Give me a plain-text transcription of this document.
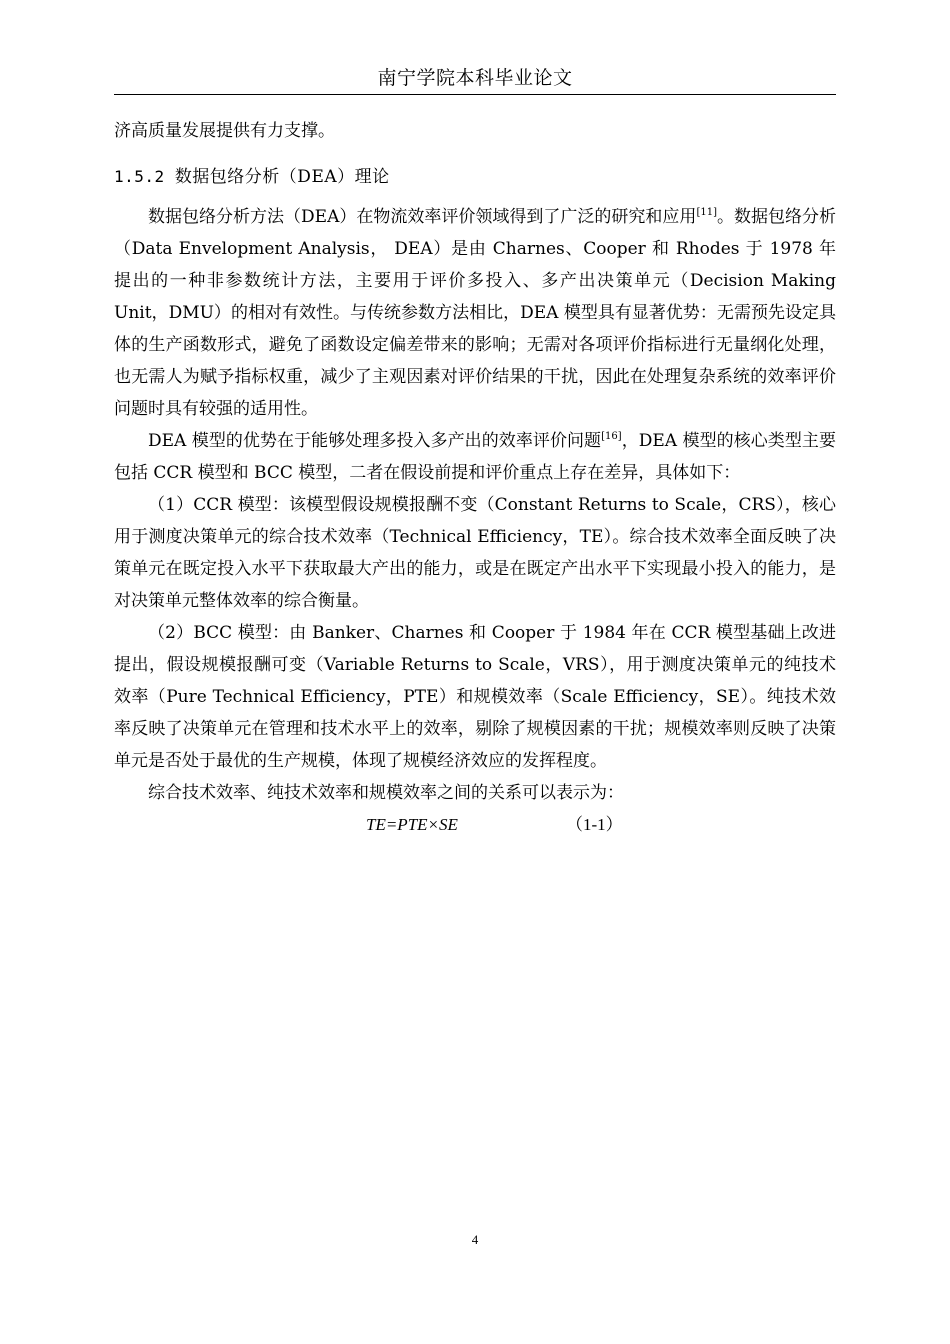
南宁学院本科毕业论文

济高质量发展提供有力支撑。

1.5.2 数据包络分析（DEA）理论

数据包络分析方法（DEA）在物流效率评价领域得到了广泛的研究和应用[11]。数据包络分析（Data Envelopment Analysis， DEA）是由 Charnes、Cooper 和 Rhodes 于 1978 年提出的一种非参数统计方法，主要用于评价多投入、多产出决策单元（Decision Making Unit，DMU）的相对有效性。与传统参数方法相比，DEA 模型具有显著优势：无需预先设定具体的生产函数形式，避免了函数设定偏差带来的影响；无需对各项评价指标进行无量纲化处理，也无需人为赋予指标权重，减少了主观因素对评价结果的干扰，因此在处理复杂系统的效率评价问题时具有较强的适用性。

DEA 模型的优势在于能够处理多投入多产出的效率评价问题[16]，DEA 模型的核心类型主要包括 CCR 模型和 BCC 模型，二者在假设前提和评价重点上存在差异，具体如下：

（1）CCR 模型：该模型假设规模报酬不变（Constant Returns to Scale，CRS），核心用于测度决策单元的综合技术效率（Technical Efficiency，TE）。综合技术效率全面反映了决策单元在既定投入水平下获取最大产出的能力，或是在既定产出水平下实现最小投入的能力，是对决策单元整体效率的综合衡量。

（2）BCC 模型：由 Banker、Charnes 和 Cooper 于 1984 年在 CCR 模型基础上改进提出，假设规模报酬可变（Variable Returns to Scale，VRS），用于测度决策单元的纯技术效率（Pure Technical Efficiency，PTE）和规模效率（Scale Efficiency，SE）。纯技术效率反映了决策单元在管理和技术水平上的效率，剔除了规模因素的干扰；规模效率则反映了决策单元是否处于最优的生产规模，体现了规模经济效应的发挥程度。

综合技术效率、纯技术效率和规模效率之间的关系可以表示为：

TE=PTE×SE	（1-1）
4
